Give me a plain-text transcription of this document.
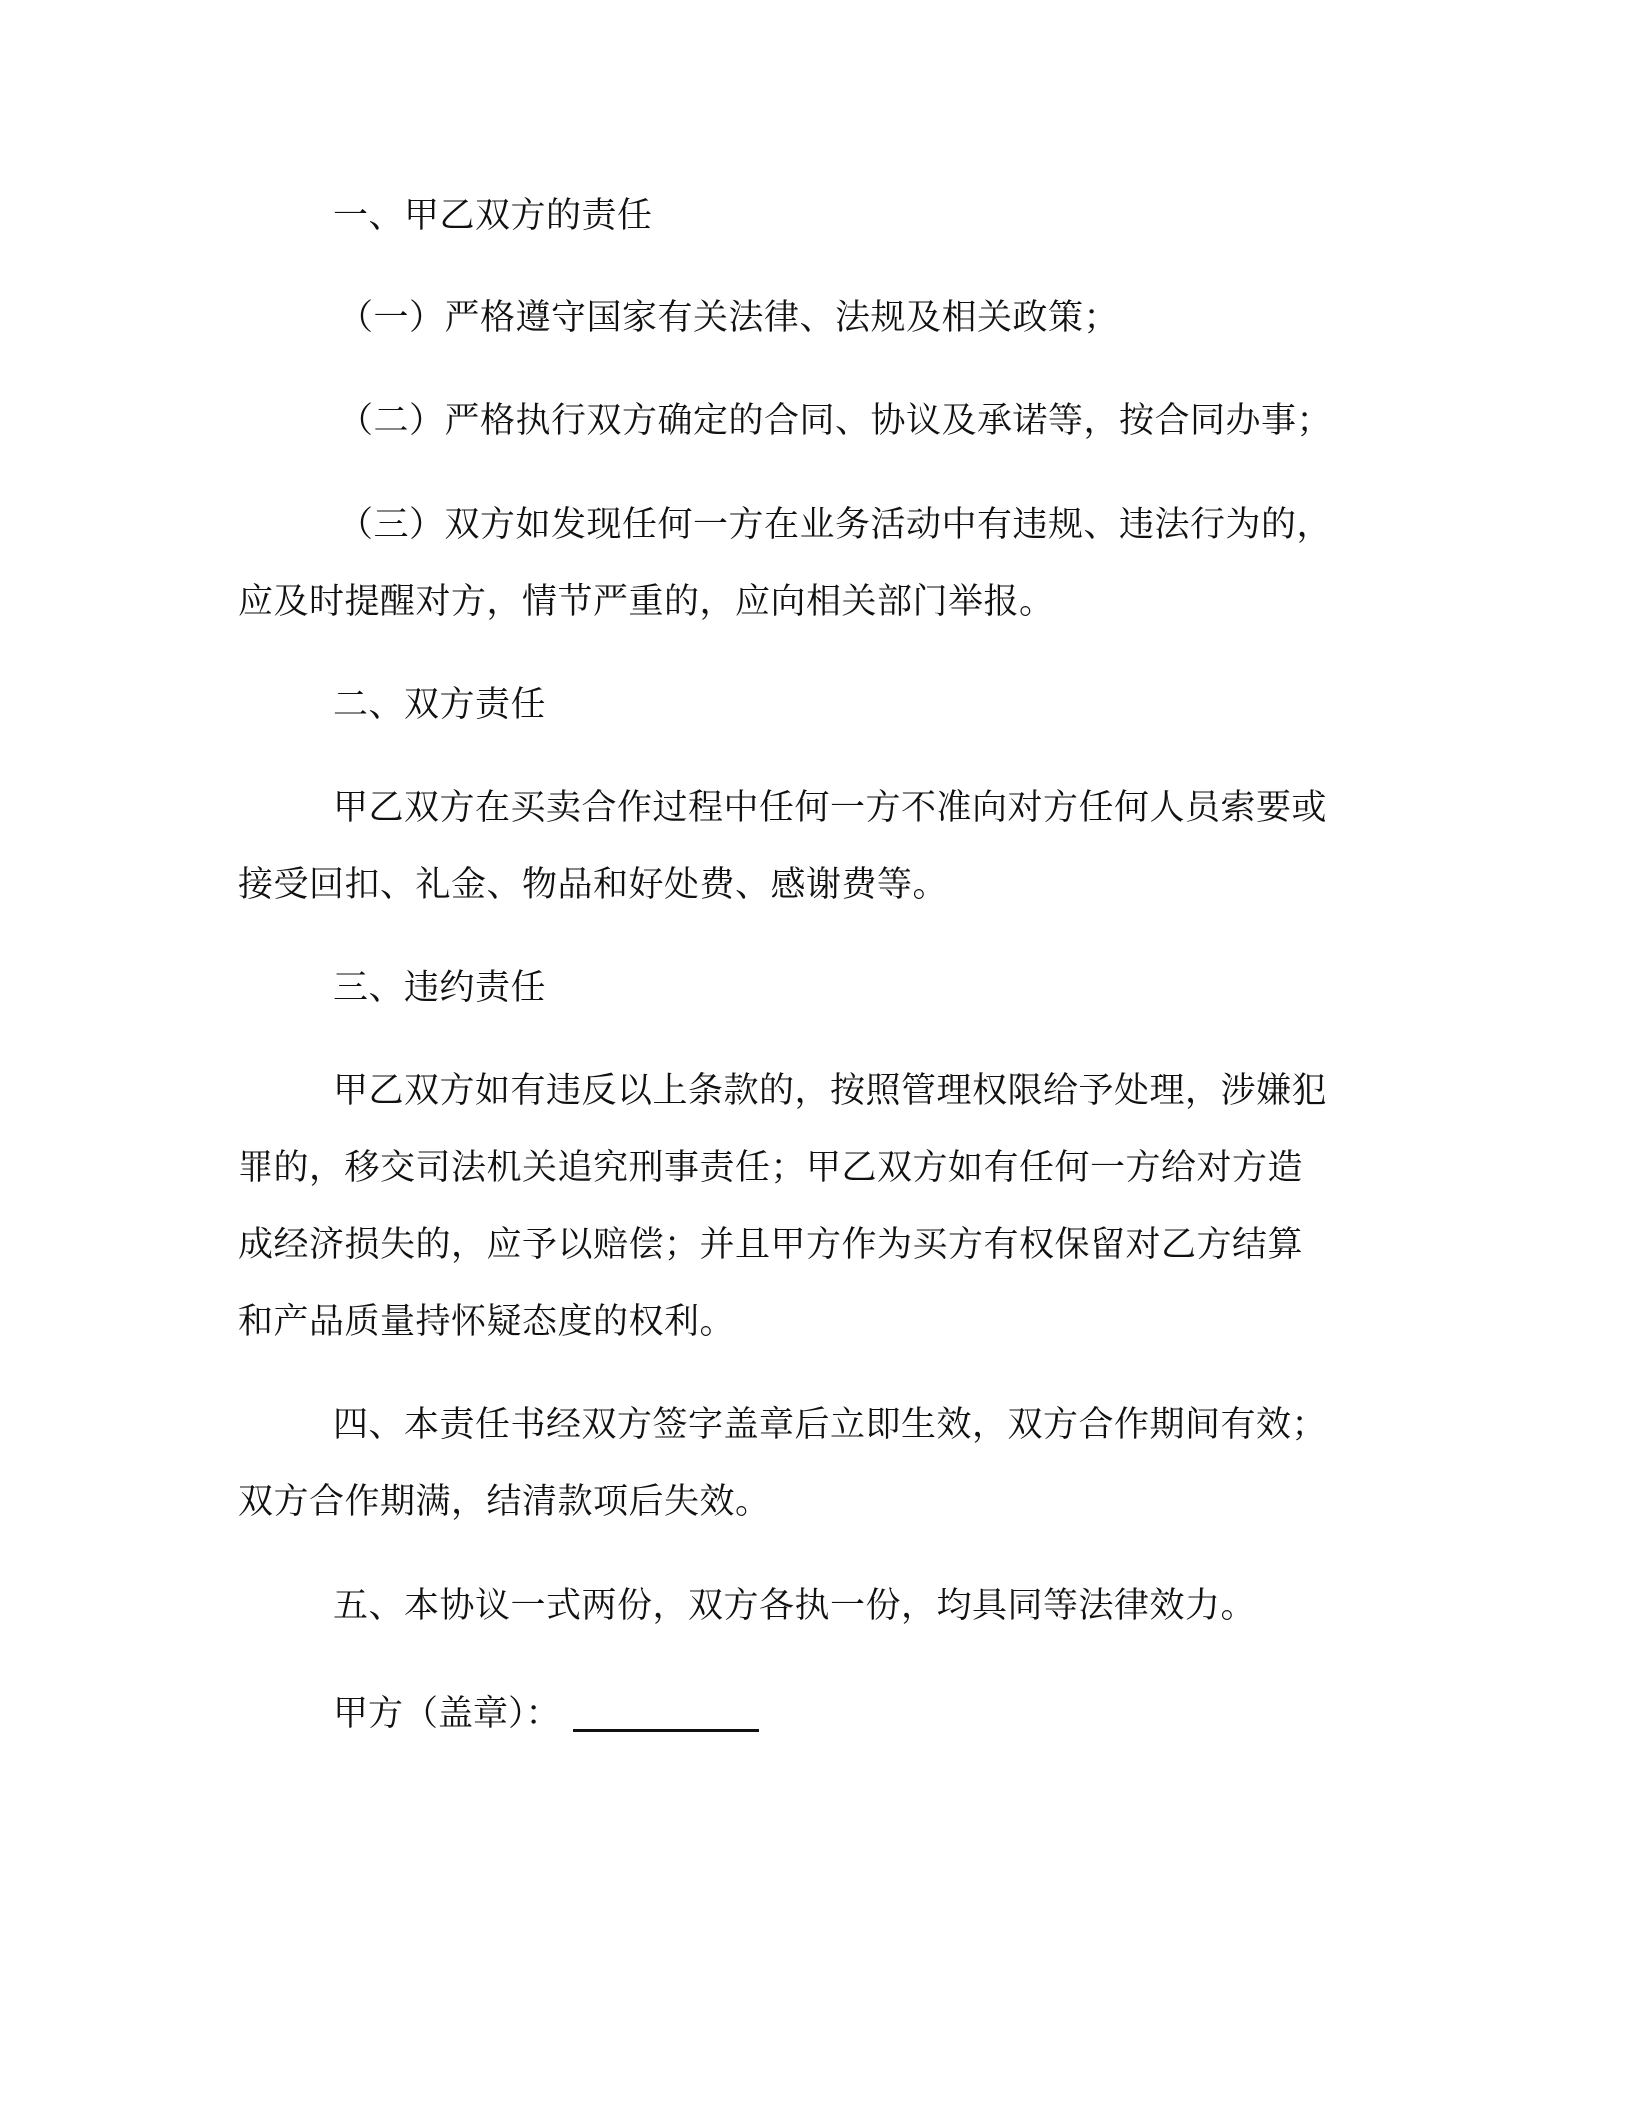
一、甲乙双方的责任
（一）严格遵守国家有关法律、法规及相关政策；
（二）严格执行双方确定的合同、协议及承诺等，按合同办事；
（三）双方如发现任何一方在业务活动中有违规、违法行为的，
应及时提醒对方，情节严重的，应向相关部门举报。
二、双方责任
甲乙双方在买卖合作过程中任何一方不准向对方任何人员索要或
接受回扣、礼金、物品和好处费、感谢费等。
三、违约责任
甲乙双方如有违反以上条款的，按照管理权限给予处理，涉嫌犯
罪的，移交司法机关追究刑事责任；甲乙双方如有任何一方给对方造
成经济损失的，应予以赔偿；并且甲方作为买方有权保留对乙方结算
和产品质量持怀疑态度的权利。
四、本责任书经双方签字盖章后立即生效，双方合作期间有效；
双方合作期满，结清款项后失效。
五、本协议一式两份，双方各执一份，均具同等法律效力。
甲方（盖章）：
